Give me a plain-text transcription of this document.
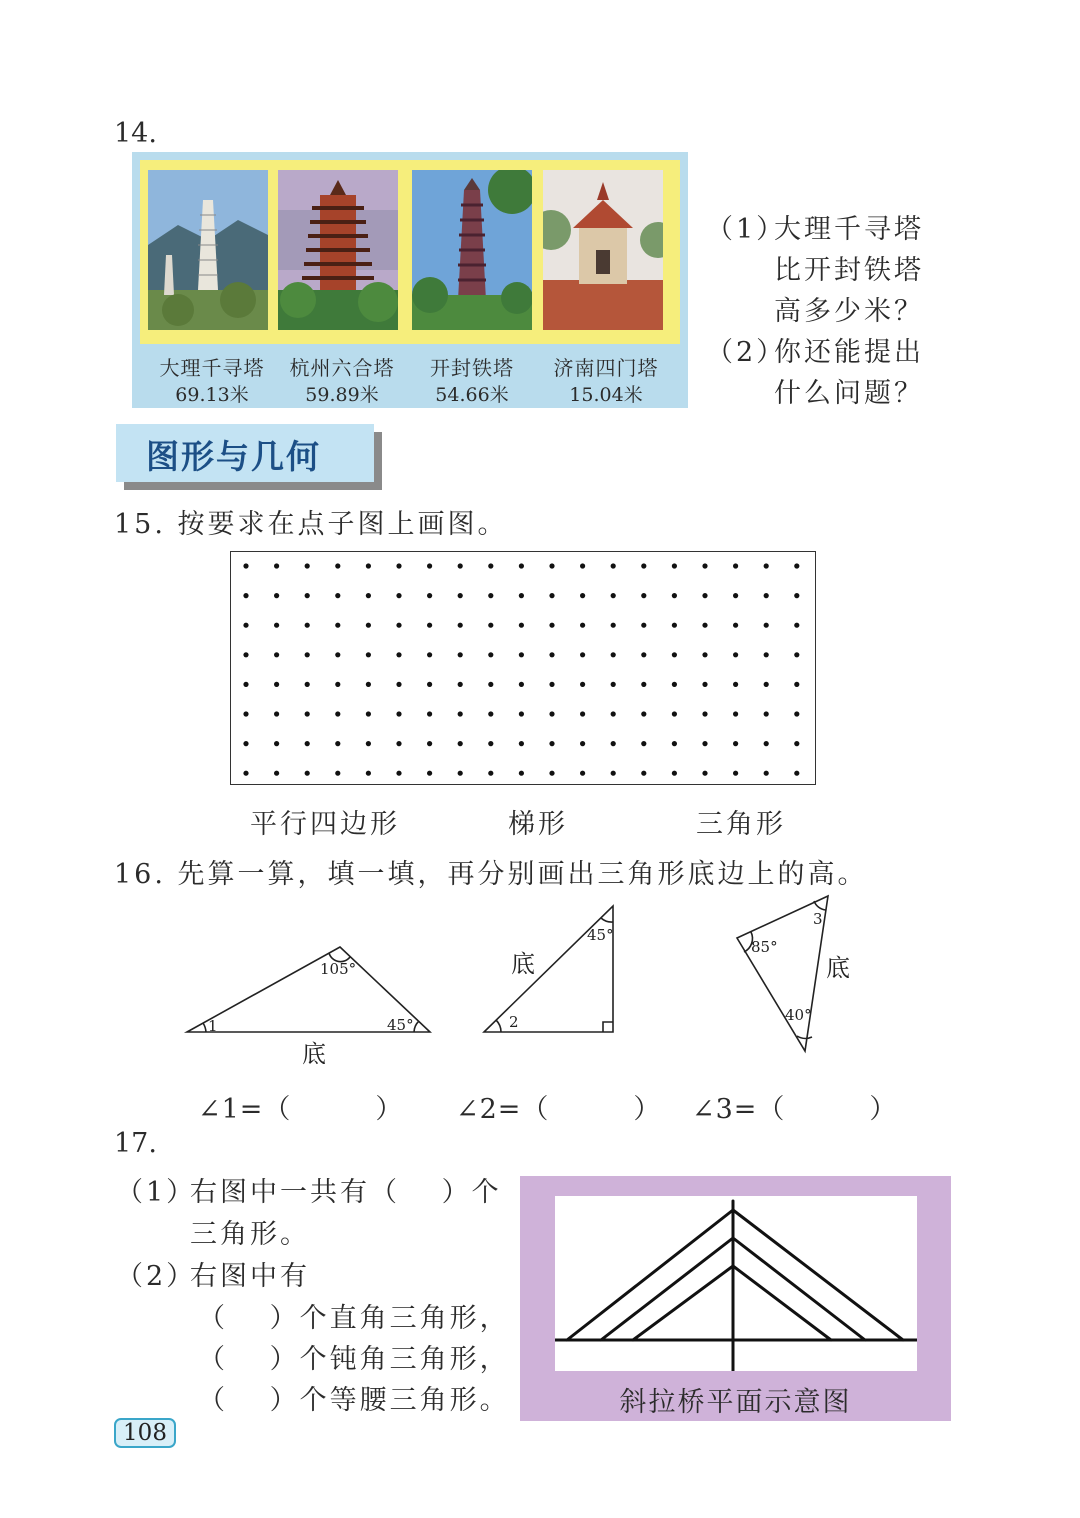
14.
大理千寻塔
69.13米
杭州六合塔
59.89米
开封铁塔
54.66米
济南四门塔
15.04米
（1）
大理千寻塔
比开封铁塔
高多少米？
（2）
你还能提出
什么问题？
图形与几何
15. 按要求在点子图上画图。
平行四边形	梯形	三角形
16. 先算一算，填一填，再分别画出三角形底边上的高。
1
105°
45°
底
45°
2
底
3
85°
40°
底
∠1=（　　　） ∠2=（　　　） ∠3=（　　　）
17.
（1）
右图中一共有（　 ）个
三角形。
（2）
右图中有
（　 ）个直角三角形，
（　 ）个钝角三角形，
（　 ）个等腰三角形。	斜拉桥平面示意图
108
